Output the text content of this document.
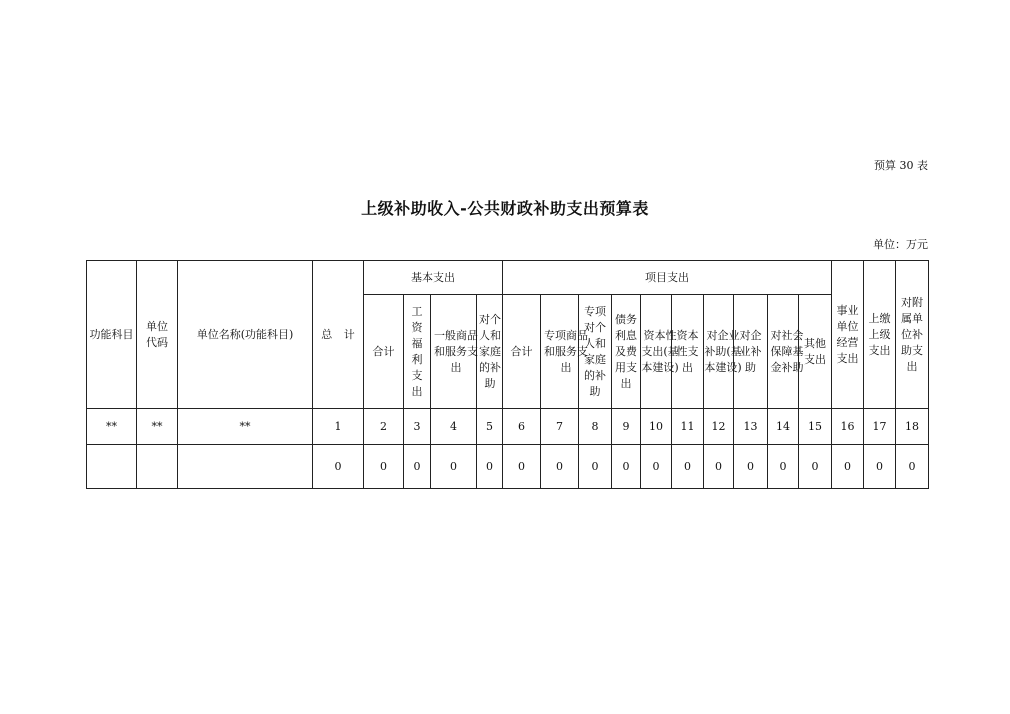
预算 30 表
上级补助收入-公共财政补助支出预算表
单位：万元
功能科目	单位代码	单位名称(功能科目)	总 计	基本支出				项目支出										事业单位经营支出	上缴上级支出	对附属单位补助支出

				合计	工资福利支出	一般商品和服务支出	对个人和家庭的补助	合计	专项商品和服务支出	专项对个人和家庭的补助	债务利息及费用支出	资本性支出(基本建设)	资本性支出	对企业补助(基本建设)	对企业补助	对社会保障基金补助	其他支出			

**	**	**	1	2	3	4	5	6	7	8	9	10	11	12	13	14	15	16	17	18
			0	0	0	0	0	0	0	0	0	0	0	0	0	0	0	0	0	0
